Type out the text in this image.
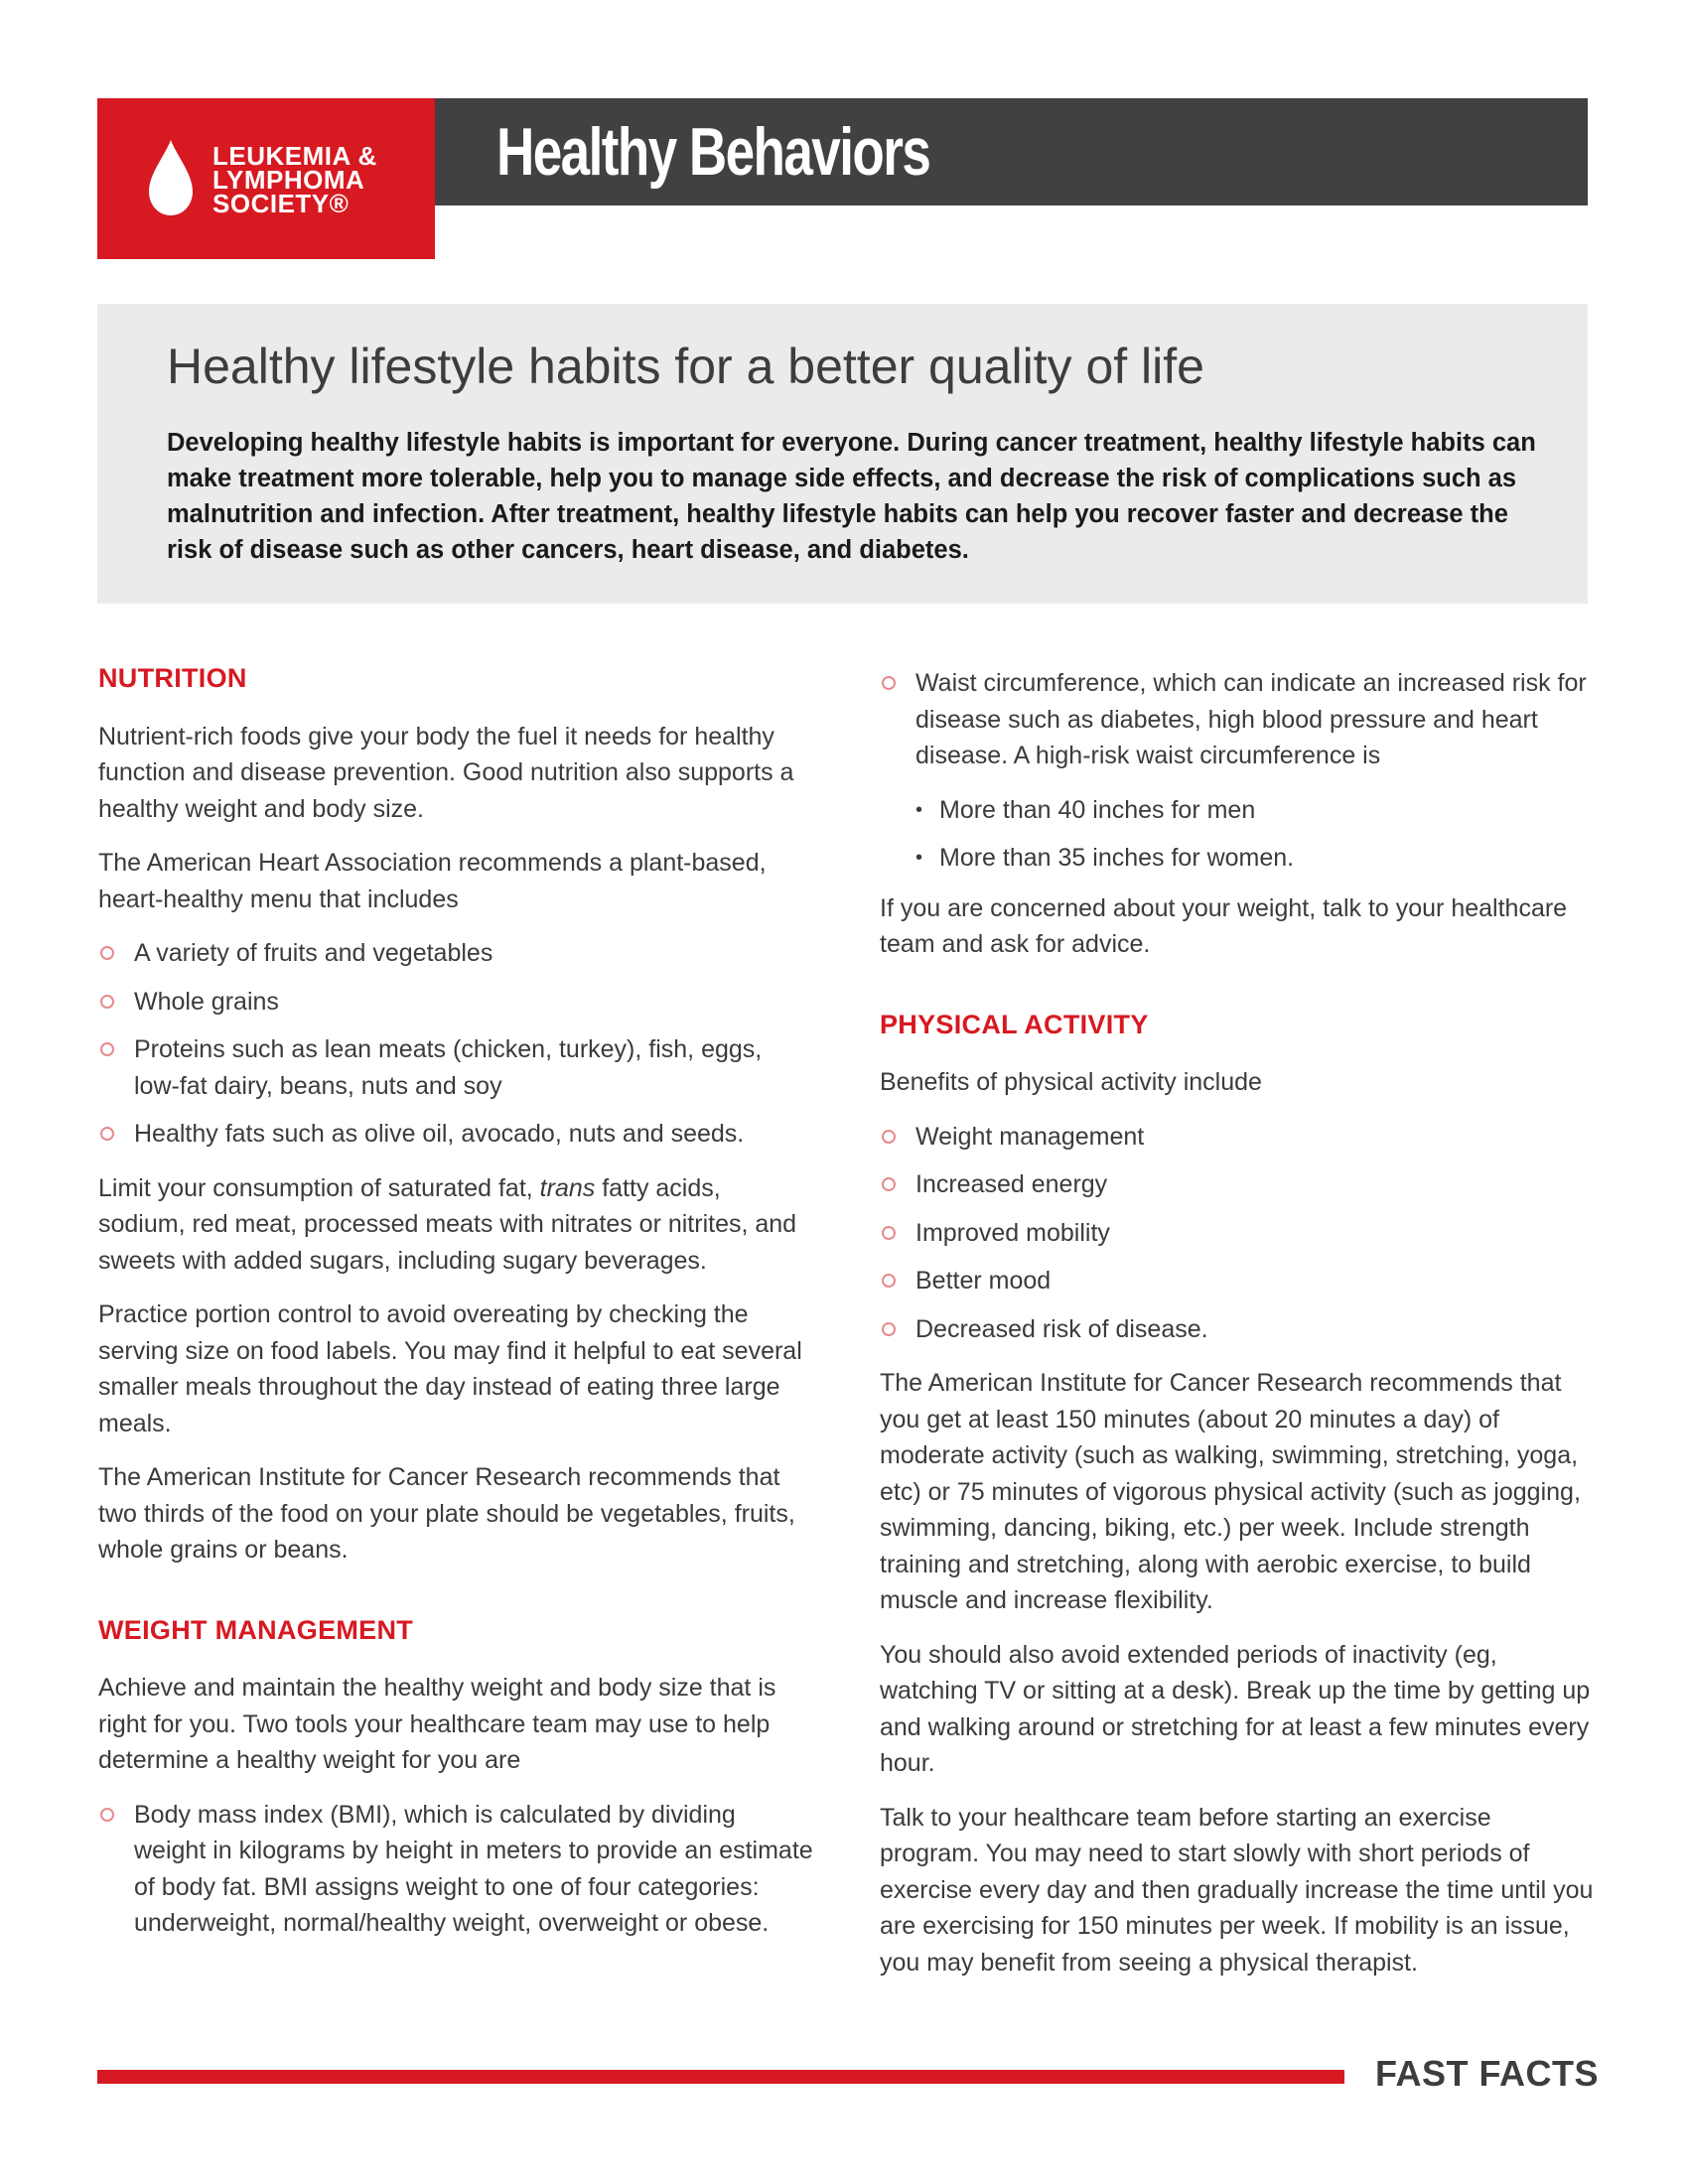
Healthy Behaviors
LEUKEMIA &
LYMPHOMA
SOCIETY®
Healthy lifestyle habits for a better quality of life
Developing healthy lifestyle habits is important for everyone. During cancer treatment, healthy lifestyle habits can make treatment more tolerable, help you to manage side effects, and decrease the risk of complications such as malnutrition and infection. After treatment, healthy lifestyle habits can help you recover faster and decrease the risk of disease such as other cancers, heart disease, and diabetes.
NUTRITION

Nutrient-rich foods give your body the fuel it needs for healthy function and disease prevention. Good nutrition also supports a healthy weight and body size.

The American Heart Association recommends a plant-based, heart-healthy menu that includes

A variety of fruits and vegetables
Whole grains
Proteins such as lean meats (chicken, turkey), fish, eggs, low-fat dairy, beans, nuts and soy
Healthy fats such as olive oil, avocado, nuts and seeds.

Limit your consumption of saturated fat, trans fatty acids, sodium, red meat, processed meats with nitrates or nitrites, and sweets with added sugars, including sugary beverages.

Practice portion control to avoid overeating by checking the serving size on food labels. You may find it helpful to eat several smaller meals throughout the day instead of eating three large meals.

The American Institute for Cancer Research recommends that two thirds of the food on your plate should be vegetables, fruits, whole grains or beans.

WEIGHT MANAGEMENT

Achieve and maintain the healthy weight and body size that is right for you. Two tools your healthcare team may use to help determine a healthy weight for you are

Body mass index (BMI), which is calculated by dividing weight in kilograms by height in meters to provide an estimate of body fat. BMI assigns weight to one of four categories: underweight, normal/healthy weight, overweight or obese.
Waist circumference, which can indicate an increased risk for disease such as diabetes, high blood pressure and heart disease. A high-risk waist circumference is
• More than 40 inches for men
• More than 35 inches for women.

If you are concerned about your weight, talk to your healthcare team and ask for advice.

PHYSICAL ACTIVITY

Benefits of physical activity include

Weight management
Increased energy
Improved mobility
Better mood
Decreased risk of disease.

The American Institute for Cancer Research recommends that you get at least 150 minutes (about 20 minutes a day) of moderate activity (such as walking, swimming, stretching, yoga, etc) or 75 minutes of vigorous physical activity (such as jogging, swimming, dancing, biking, etc.) per week. Include strength training and stretching, along with aerobic exercise, to build muscle and increase flexibility.

You should also avoid extended periods of inactivity (eg, watching TV or sitting at a desk). Break up the time by getting up and walking around or stretching for at least a few minutes every hour.

Talk to your healthcare team before starting an exercise program. You may need to start slowly with short periods of exercise every day and then gradually increase the time until you are exercising for 150 minutes per week. If mobility is an issue, you may benefit from seeing a physical therapist.

FAST FACTS
